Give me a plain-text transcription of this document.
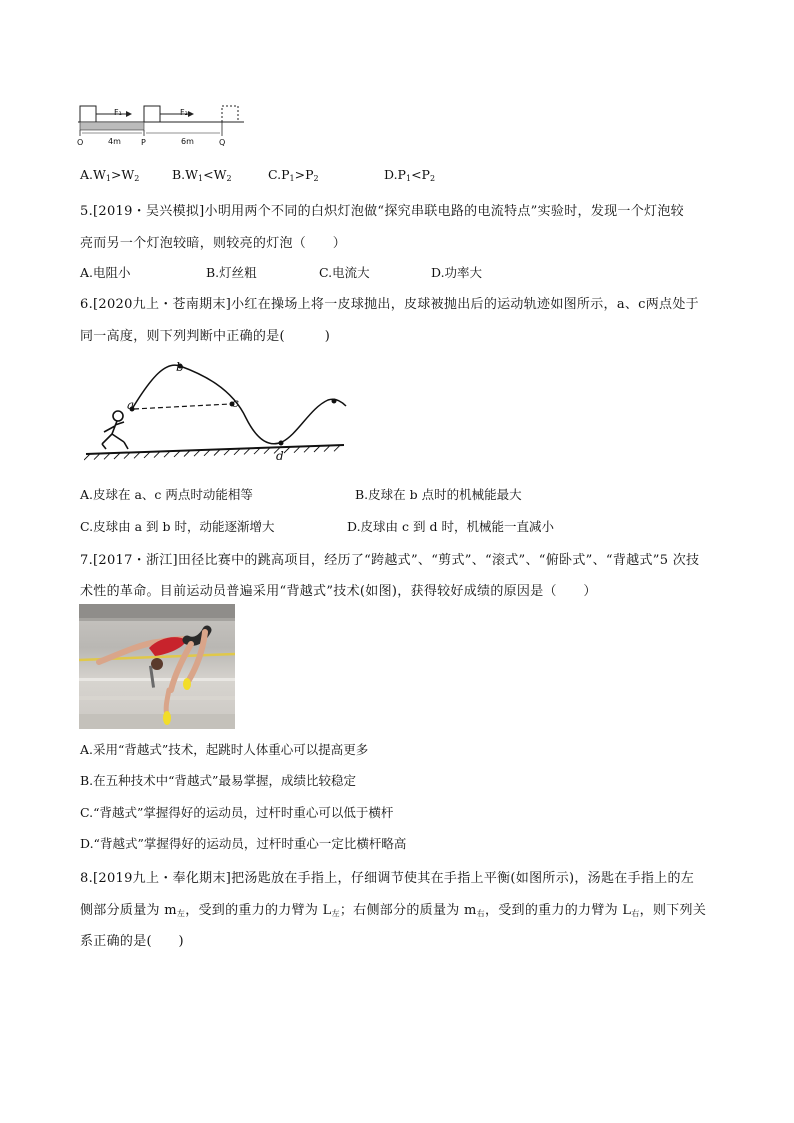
F₁	F₂
O	P	Q
4m	6m
$A.W_1>W_2$	$B.W_1<W_2$	$C.P_1>P_2$	$D.P_1<P_2$
5.[2019・吴兴模拟]小明用两个不同的白炽灯泡做“探究串联电路的电流特点”实验时，发现一个灯泡较
亮而另一个灯泡较暗，则较亮的灯泡（　　）
A.电阻小	B.灯丝粗	C.电流大	D.功率大
6.[2020九上・苍南期末]小红在操场上将一皮球抛出，皮球被抛出后的运动轨迹如图所示，a、c两点处于
同一高度，则下列判断中正确的是(　　　)
a
b
c
d
A.皮球在 a、c 两点时动能相等	B.皮球在 b 点时的机械能最大
C.皮球由 a 到 b 时，动能逐渐增大	D.皮球由 c 到 d 时，机械能一直减小
7.[2017・浙江]田径比赛中的跳高项目，经历了“跨越式”、“剪式”、“滚式”、“俯卧式”、“背越式”5 次技
术性的革命。目前运动员普遍采用“背越式”技术(如图)，获得较好成绩的原因是（　　）
A.采用“背越式”技术，起跳时人体重心可以提高更多
B.在五种技术中“背越式”最易掌握，成绩比较稳定
C.“背越式”掌握得好的运动员，过杆时重心可以低于横杆
D.“背越式”掌握得好的运动员，过杆时重心一定比横杆略高
8.[2019九上・奉化期末]把汤匙放在手指上，仔细调节使其在手指上平衡(如图所示)，汤匙在手指上的左
侧部分质量为 $m_左$，受到的重力的力臂为 $L_左$；右侧部分的质量为 $m_右$，受到的重力的力臂为 $L_右$，则下列关
系正确的是(　　)
